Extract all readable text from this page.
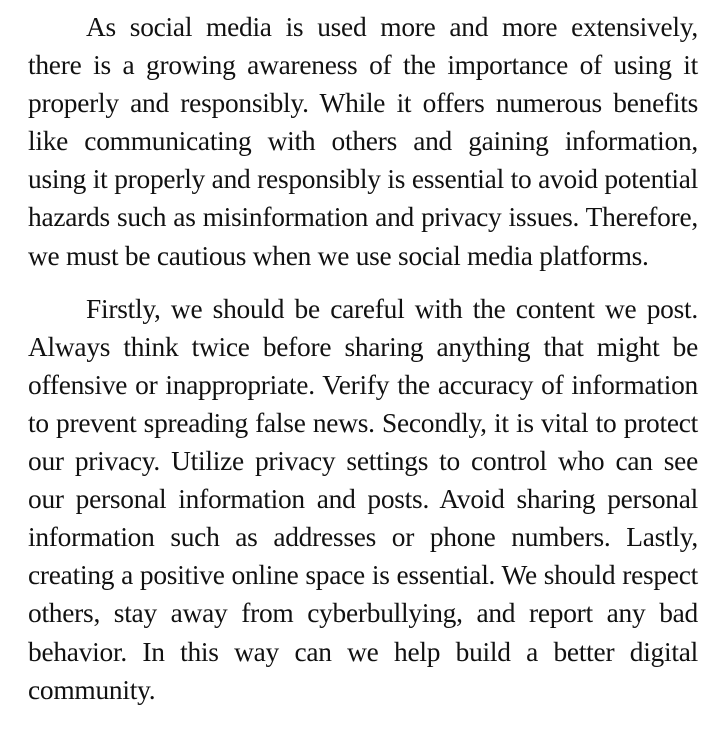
As social media is used more and more extensively, there is a growing awareness of the importance of using it properly and responsibly. While it offers numerous benefits like communicating with others and gaining information, using it properly and responsibly is essential to avoid potential hazards such as misinformation and privacy issues. Therefore, we must be cautious when we use social media platforms.

Firstly, we should be careful with the content we post. Always think twice before sharing anything that might be offensive or inappropriate. Verify the accuracy of information to prevent spreading false news. Secondly, it is vital to protect our privacy. Utilize privacy settings to control who can see our personal information and posts. Avoid sharing personal information such as addresses or phone numbers. Lastly, creating a positive online space is essential. We should respect others, stay away from cyberbullying, and report any bad behavior. In this way can we help build a better digital community.
